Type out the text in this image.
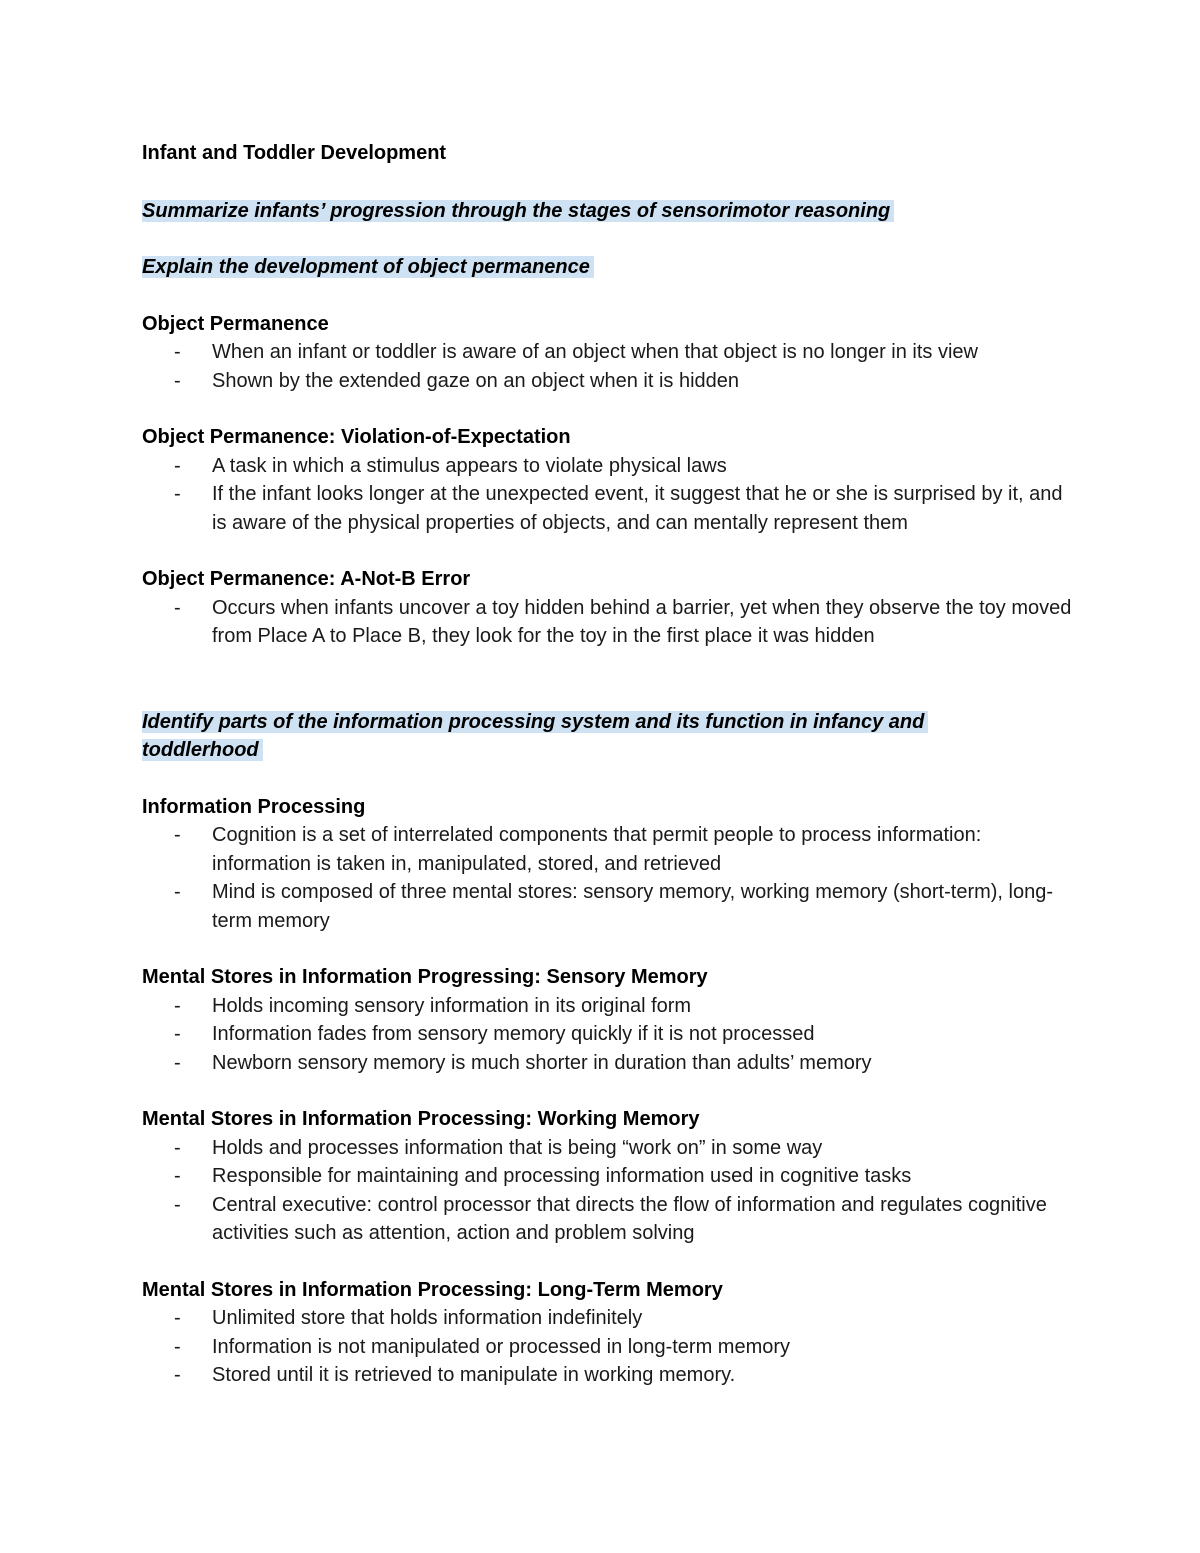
Infant and Toddler Development
Summarize infants’ progression through the stages of sensorimotor reasoning
Explain the development of object permanence
Object Permanence
- When an infant or toddler is aware of an object when that object is no longer in its view
- Shown by the extended gaze on an object when it is hidden
Object Permanence: Violation-of-Expectation
- A task in which a stimulus appears to violate physical laws
- If the infant looks longer at the unexpected event, it suggest that he or she is surprised by it, and is aware of the physical properties of objects, and can mentally represent them
Object Permanence: A-Not-B Error
- Occurs when infants uncover a toy hidden behind a barrier, yet when they observe the toy moved from Place A to Place B, they look for the toy in the first place it was hidden
Identify parts of the information processing system and its function in infancy and toddlerhood
Information Processing
- Cognition is a set of interrelated components that permit people to process information: information is taken in, manipulated, stored, and retrieved
- Mind is composed of three mental stores: sensory memory, working memory (short-term), long-term memory
Mental Stores in Information Progressing: Sensory Memory
- Holds incoming sensory information in its original form
- Information fades from sensory memory quickly if it is not processed
- Newborn sensory memory is much shorter in duration than adults’ memory
Mental Stores in Information Processing: Working Memory
- Holds and processes information that is being “work on” in some way
- Responsible for maintaining and processing information used in cognitive tasks
- Central executive: control processor that directs the flow of information and regulates cognitive activities such as attention, action and problem solving
Mental Stores in Information Processing: Long-Term Memory
- Unlimited store that holds information indefinitely
- Information is not manipulated or processed in long-term memory
- Stored until it is retrieved to manipulate in working memory.
